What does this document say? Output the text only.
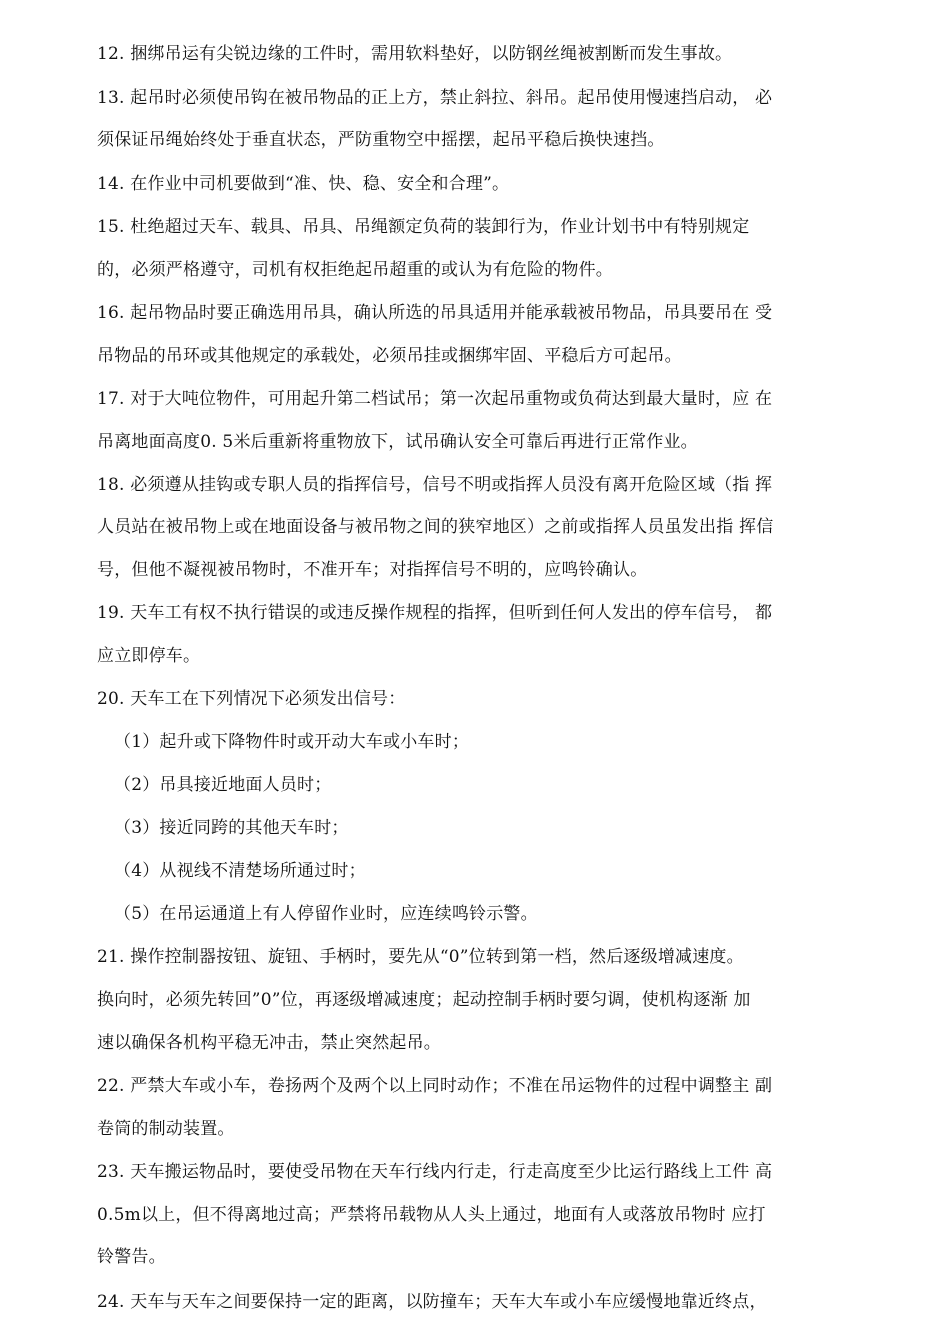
12. 捆绑吊运有尖锐边缘的工件时，需用软料垫好，以防钢丝绳被割断而发生事故。
13. 起吊时必须使吊钩在被吊物品的正上方，禁止斜拉、斜吊。起吊使用慢速挡启动， 必
须保证吊绳始终处于垂直状态，严防重物空中摇摆，起吊平稳后换快速挡。
14. 在作业中司机要做到“准、快、稳、安全和合理”。
15. 杜绝超过天车、载具、吊具、吊绳额定负荷的装卸行为，作业计划书中有特别规定
的，必须严格遵守，司机有权拒绝起吊超重的或认为有危险的物件。
16. 起吊物品时要正确选用吊具，确认所选的吊具适用并能承载被吊物品，吊具要吊在 受
吊物品的吊环或其他规定的承载处，必须吊挂或捆绑牢固、平稳后方可起吊。
17. 对于大吨位物件，可用起升第二档试吊；第一次起吊重物或负荷达到最大量时，应 在
吊离地面高度0. 5米后重新将重物放下，试吊确认安全可靠后再进行正常作业。
18. 必须遵从挂钩或专职人员的指挥信号，信号不明或指挥人员没有离开危险区域（指 挥
人员站在被吊物上或在地面设备与被吊物之间的狭窄地区）之前或指挥人员虽发出指 挥信
号，但他不凝视被吊物时，不准开车；对指挥信号不明的，应鸣铃确认。
19. 天车工有权不执行错误的或违反操作规程的指挥，但听到任何人发出的停车信号， 都
应立即停车。
20. 天车工在下列情况下必须发出信号：
（1）起升或下降物件时或开动大车或小车时；
（2）吊具接近地面人员时；
（3）接近同跨的其他天车时；
（4）从视线不清楚场所通过时；
（5）在吊运通道上有人停留作业时，应连续鸣铃示警。
21. 操作控制器按钮、旋钮、手柄时，要先从“0”位转到第一档，然后逐级增减速度。
换向时，必须先转回”0”位，再逐级增减速度；起动控制手柄时要匀调，使机构逐渐 加
速以确保各机构平稳无冲击，禁止突然起吊。
22. 严禁大车或小车，卷扬两个及两个以上同时动作；不准在吊运物件的过程中调整主 副
卷筒的制动装置。
23. 天车搬运物品时，要使受吊物在天车行线内行走，行走高度至少比运行路线上工件 高
0.5m以上，但不得离地过高；严禁将吊载物从人头上通过，地面有人或落放吊物时 应打
铃警告。
24. 天车与天车之间要保持一定的距离，以防撞车；天车大车或小车应缓慢地靠近终点，
